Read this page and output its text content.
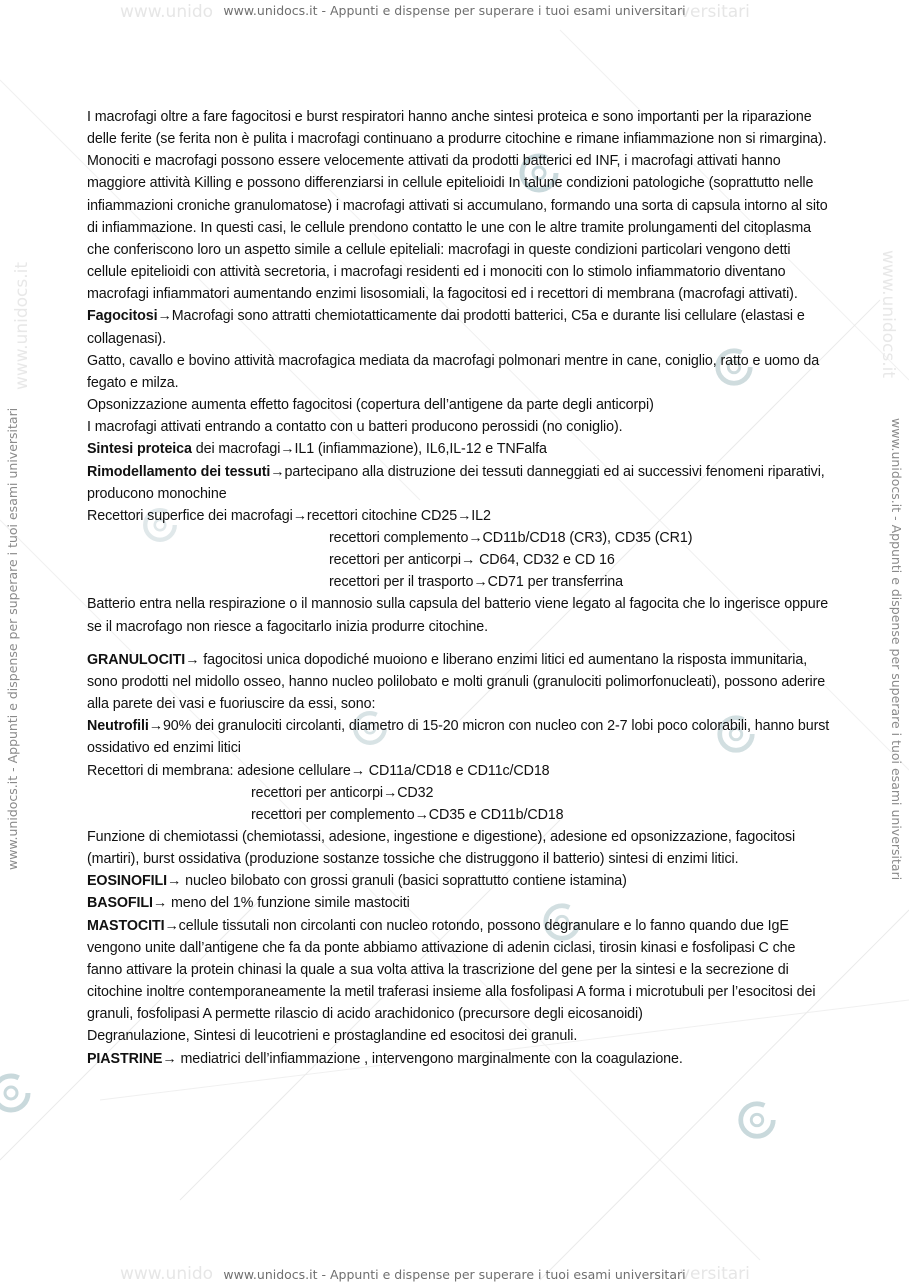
www.unido	versitari
www.unidocs.it - Appunti e dispense per superare i tuoi esami universitari
www.unido	versitari
www.unidocs.it - Appunti e dispense per superare i tuoi esami universitari
www.unidocs.it - Appunti e dispense per superare i tuoi esami universitari	www.unidocs.it - Appunti e dispense per superare i tuoi esami universitari
www.unidocs.it	www.unidocs.it

I macrofagi oltre a fare fagocitosi e burst respiratori hanno anche sintesi proteica e sono importanti per la riparazione delle ferite (se ferita non è pulita i macrofagi continuano a produrre citochine e rimane infiammazione non si rimargina).

Monociti e macrofagi possono essere velocemente attivati da prodotti batterici ed INF, i macrofagi attivati hanno maggiore attività Killing e possono differenziarsi in cellule epitelioidi In talune condizioni patologiche (soprattutto nelle infiammazioni croniche granulomatose) i macrofagi attivati si accumulano, formando una sorta di capsula intorno al sito di infiammazione. In questi casi, le cellule prendono contatto le une con le altre tramite prolungamenti del citoplasma che conferiscono loro un aspetto simile a cellule epiteliali: macrofagi in queste condizioni particolari vengono detti cellule epitelioidi con attività secretoria, i macrofagi residenti ed i monociti con lo stimolo infiammatorio diventano macrofagi infiammatori aumentando enzimi lisosomiali, la fagocitosi ed i recettori di membrana (macrofagi attivati).

Fagocitosi→Macrofagi sono attratti chemiotatticamente dai prodotti batterici, C5a e durante lisi cellulare (elastasi e collagenasi).

Gatto, cavallo e bovino attività macrofagica mediata da macrofagi polmonari mentre in cane, coniglio, ratto e uomo da fegato e milza.

Opsonizzazione aumenta effetto fagocitosi (copertura dell’antigene da parte degli anticorpi)

I macrofagi attivati entrando a contatto con u batteri producono perossidi (no coniglio).

Sintesi proteica dei macrofagi→IL1 (infiammazione), IL6,IL-12 e TNFalfa

Rimodellamento dei tessuti→partecipano alla distruzione dei tessuti danneggiati ed ai successivi fenomeni riparativi, producono monochine

Recettori superfice dei macrofagi→recettori citochine CD25→IL2

recettori complemento→CD11b/CD18 (CR3), CD35 (CR1)

recettori per anticorpi→ CD64, CD32 e CD 16

recettori per il trasporto→CD71 per transferrina

Batterio entra nella respirazione o il mannosio sulla capsula del batterio viene legato al fagocita che lo ingerisce oppure se il macrofago non riesce a fagocitarlo inizia produrre citochine.

GRANULOCITI→ fagocitosi unica dopodiché muoiono e liberano enzimi litici ed aumentano la risposta immunitaria, sono prodotti nel midollo osseo, hanno nucleo polilobato e molti granuli (granulociti polimorfonucleati), possono aderire alla parete dei vasi e fuoriuscire da essi, sono:

Neutrofili→90% dei granulociti circolanti, diametro di 15-20 micron con nucleo con 2-7 lobi poco colorabili, hanno burst ossidativo ed enzimi litici

Recettori di membrana: adesione cellulare→ CD11a/CD18 e CD11c/CD18

recettori per anticorpi→CD32

recettori per complemento→CD35 e CD11b/CD18

Funzione di chemiotassi (chemiotassi, adesione, ingestione e digestione), adesione ed opsonizzazione, fagocitosi (martiri), burst ossidativa (produzione sostanze tossiche che distruggono il batterio) sintesi di enzimi litici.

EOSINOFILI→ nucleo bilobato con grossi granuli (basici soprattutto contiene istamina)

BASOFILI→ meno del 1% funzione simile mastociti

MASTOCITI→cellule tissutali non circolanti con nucleo rotondo, possono degranulare e lo fanno quando due IgE vengono unite dall’antigene che fa da ponte abbiamo attivazione di adenin ciclasi, tirosin kinasi e fosfolipasi C che fanno attivare la protein chinasi la quale a sua volta attiva la trascrizione del gene per la sintesi e la secrezione di citochine inoltre contemporaneamente la metil traferasi insieme alla fosfolipasi A forma i microtubuli per l’esocitosi dei granuli, fosfolipasi A permette rilascio di acido arachidonico (precursore degli eicosanoidi)

Degranulazione, Sintesi di leucotrieni e prostaglandine ed esocitosi dei granuli.

PIASTRINE→ mediatrici dell’infiammazione , intervengono marginalmente con la coagulazione.
